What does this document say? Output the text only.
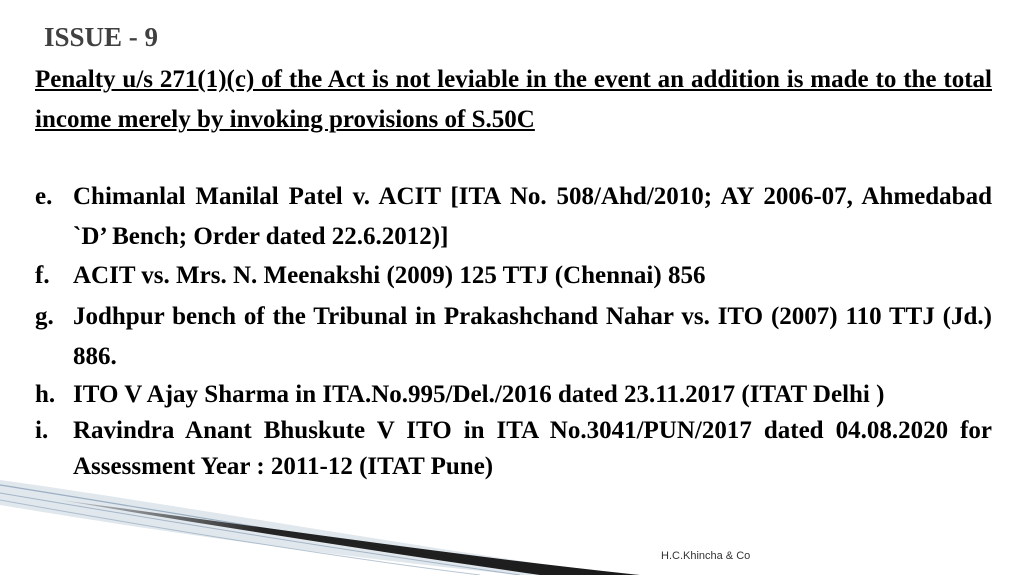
ISSUE - 9

Penalty u/s 271(1)(c) of the Act is not leviable in the event an addition is made to the total income merely by invoking provisions of S.50C

e. Chimanlal Manilal Patel v. ACIT [ITA No. 508/Ahd/2010; AY 2006-07, Ahmedabad `D’ Bench; Order dated 22.6.2012)]
f. ACIT vs. Mrs. N. Meenakshi (2009) 125 TTJ (Chennai) 856
g. Jodhpur bench of the Tribunal in Prakashchand Nahar vs. ITO (2007) 110 TTJ (Jd.) 886.
h. ITO V Ajay Sharma in ITA.No.995/Del./2016 dated 23.11.2017 (ITAT Delhi )
i. Ravindra Anant Bhuskute V ITO in ITA No.3041/PUN/2017 dated 04.08.2020 for Assessment Year : 2011-12 (ITAT Pune)

H.C.Khincha & Co
